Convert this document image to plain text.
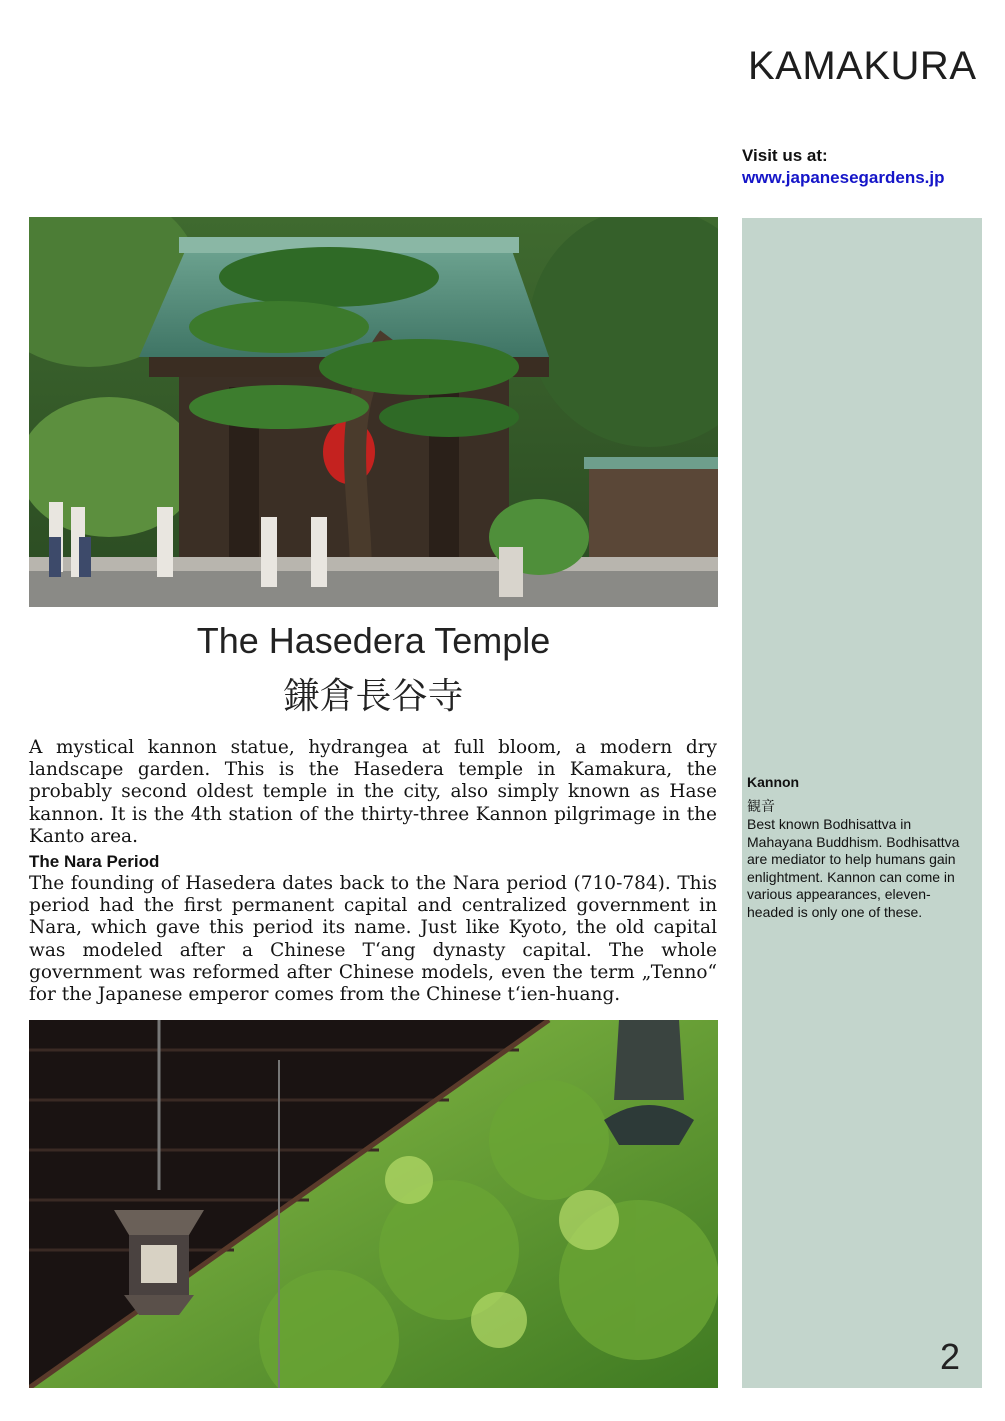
KAMAKURA
Visit us at:
www.japanesegardens.jp
The Hasedera Temple
鎌倉長谷寺

A mystical kannon statue, hydrangea at full bloom, a modern dry landscape garden. This is the Hasedera temple in Kamakura, the probably second oldest temple in the city, also simply known as Hase kannon. It is the 4th station of the thirty-three Kannon pilgrimage in the Kanto area.

The Nara Period

The founding of Hasedera dates back to the Nara period (710-784). This period had the first permanent capital and centralized government in Nara, which gave this period its name. Just like Kyoto, the old capital was modeled after a Chinese T‘ang dynasty capital. The whole government was reformed after Chinese models, even the term „Tenno“ for the Japanese emperor comes from the Chinese t‘ien-huang.

Kannon
観音
Best known Bodhisattva in Mahayana Buddhism. Bodhisattva are mediator to help humans gain enlightment. Kannon can come in various appearances, eleven-headed is only one of these.
2
